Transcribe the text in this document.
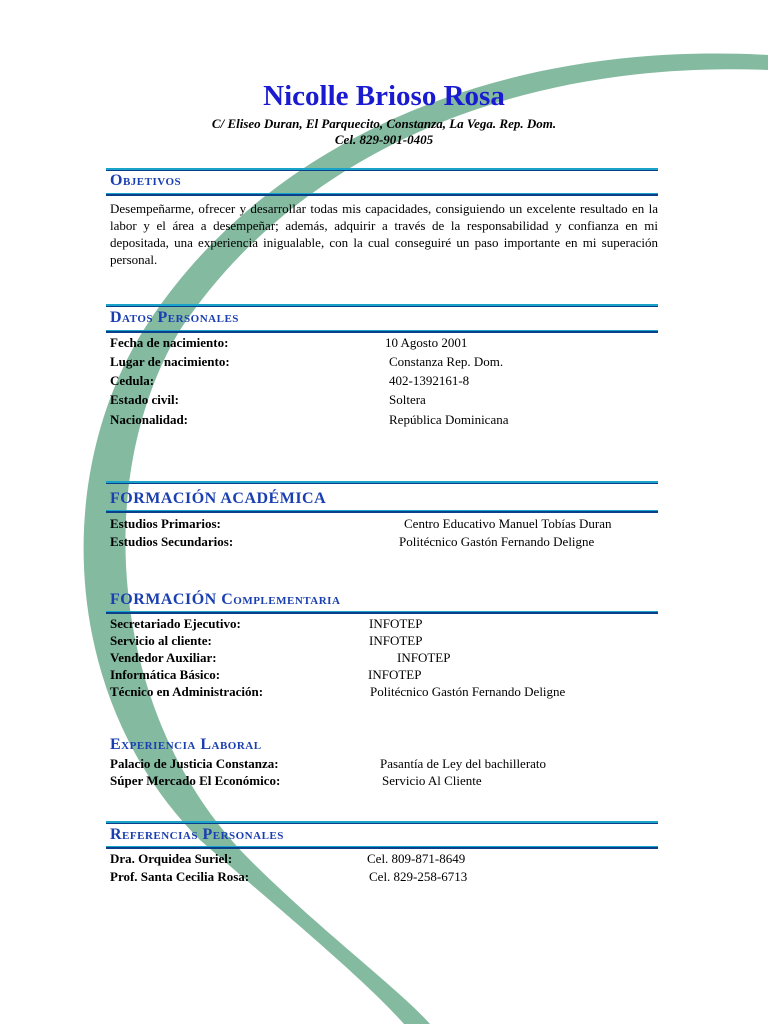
Nicolle Brioso Rosa
C/ Eliseo Duran, El Parquecito, Constanza, La Vega. Rep. Dom.
Cel. 829-901-0405
Objetivos
Desempeñarme, ofrecer y desarrollar todas mis capacidades, consiguiendo un excelente resultado en la labor y el área a desempeñar; además, adquirir a través de la responsabilidad y confianza en mi depositada, una experiencia inigualable, con la cual conseguiré un paso importante en mi superación personal.
Datos Personales
Fecha de nacimiento:	10 Agosto 2001
Lugar de nacimiento:	Constanza Rep. Dom.
Cedula:	402-1392161-8
Estado civil:	Soltera
Nacionalidad:	República Dominicana
FORMACIÓN ACADÉMICA
Estudios Primarios:	Centro Educativo Manuel Tobías Duran
Estudios Secundarios:	Politécnico Gastón Fernando Deligne
FORMACIÓN Complementaria
Secretariado Ejecutivo:	INFOTEP
Servicio al cliente:	INFOTEP
Vendedor Auxiliar:	INFOTEP
Informática Básico:	INFOTEP
Técnico en Administración:	Politécnico Gastón Fernando Deligne
Experiencia Laboral
Palacio de Justicia Constanza:	Pasantía de Ley del bachillerato
Súper Mercado El Económico:	Servicio Al Cliente
Referencias Personales
Dra. Orquidea Suriel:	Cel. 809-871-8649
Prof. Santa Cecilia Rosa:	Cel. 829-258-6713
